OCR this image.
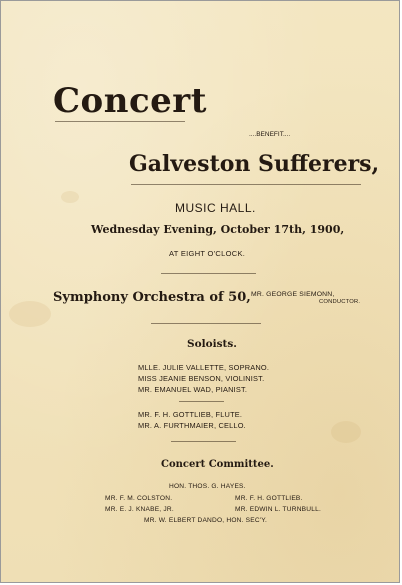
Concert
....BENEFIT....
Galveston Sufferers,
MUSIC HALL.
Wednesday Evening, October 17th, 1900,
AT EIGHT O'CLOCK.
Symphony Orchestra of 50, MR. GEORGE SIEMONN,
CONDUCTOR.
Soloists.
MLLE. JULIE VALLETTE, SOPRANO.
MISS JEANIE BENSON, VIOLINIST.
MR. EMANUEL WAD, PIANIST.
MR. F. H. GOTTLIEB, FLUTE.
MR. A. FURTHMAIER, CELLO.
Concert Committee.
HON. THOS. G. HAYES.
MR. F. M. COLSTON.
MR. E. J. KNABE, JR.
MR. F. H. GOTTLIEB.
MR. EDWIN L. TURNBULL.
MR. W. ELBERT DANDO, HON. SEC'Y.
